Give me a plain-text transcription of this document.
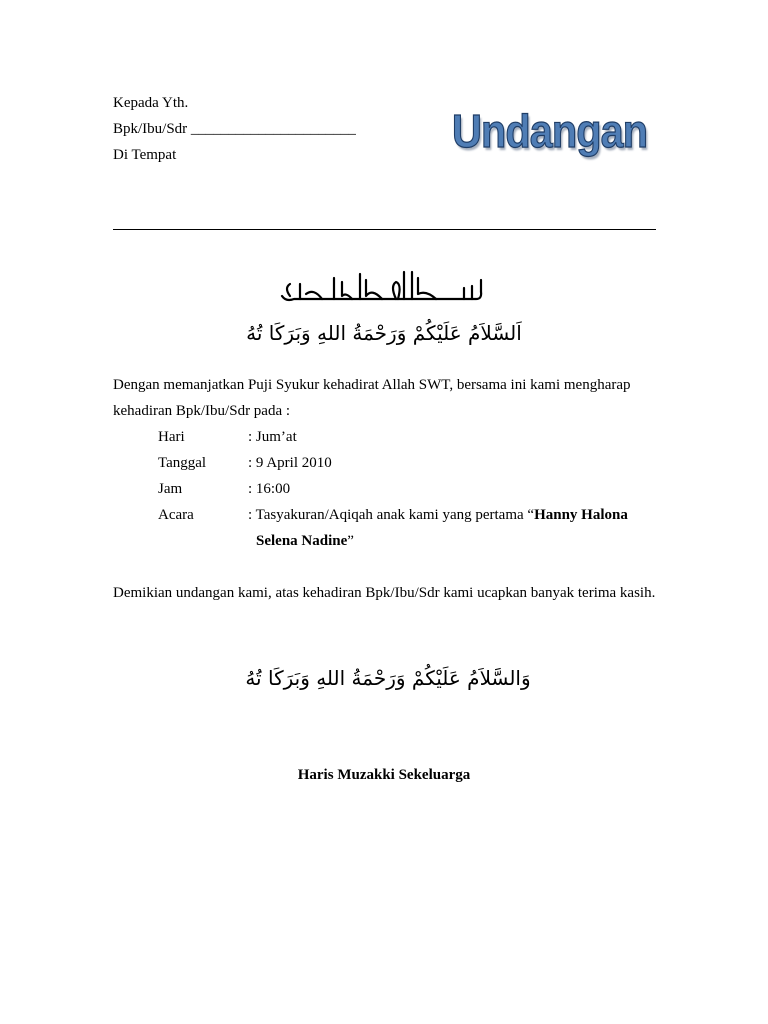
Kepada Yth.
Bpk/Ibu/Sdr ______________________
Di Tempat	Undangan
اَلسَّلاَمُ عَلَيْكُمْ وَرَحْمَةُ اللهِ وَبَرَكَا تُهُ
Dengan memanjatkan Puji Syukur kehadirat Allah SWT, bersama ini kami mengharap kehadiran Bpk/Ibu/Sdr pada :
Hari	: Jum’at
Tanggal	: 9 April 2010
Jam	: 16:00
Acara	: Tasyakuran/Aqiqah anak kami yang pertama “Hanny Halona
Selena Nadine”
Demikian undangan kami, atas kehadiran Bpk/Ibu/Sdr kami ucapkan banyak terima kasih.
وَالسَّلاَمُ عَلَيْكُمْ وَرَحْمَةُ اللهِ وَبَرَكَا تُهُ
Haris Muzakki Sekeluarga
